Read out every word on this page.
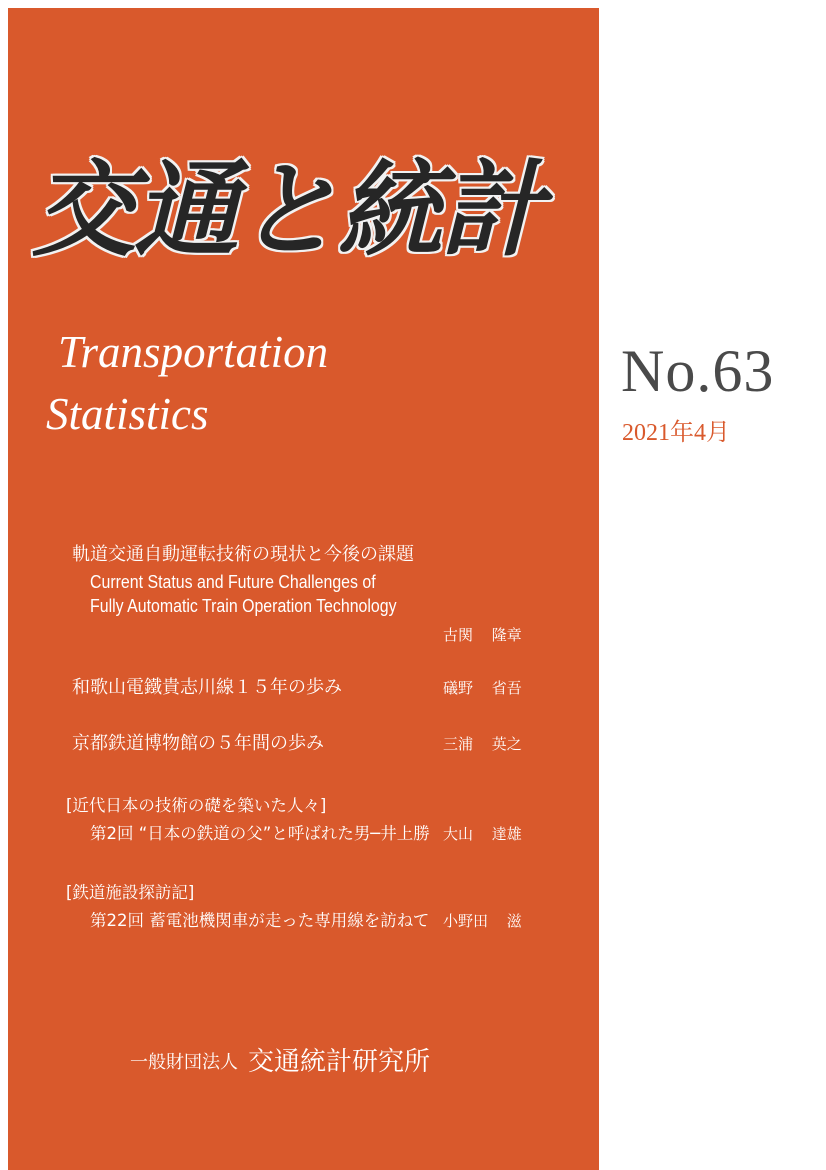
交通と統計
Transportation
Statistics
No.63
2021年4月
軌道交通自動運転技術の現状と今後の課題
Current Status and Future Challenges of
Fully Automatic Train Operation Technology
古関 隆章
和歌山電鐵貴志川線１５年の歩み	礒野 省吾
京都鉄道博物館の５年間の歩み	三浦 英之
[近代日本の技術の礎を築いた人々]
第2回 “日本の鉄道の父”と呼ばれた男─井上勝 大山 達雄
[鉄道施設探訪記]
第22回 蓄電池機関車が走った専用線を訪ねて 小野田 滋
一般財団法人 交通統計研究所
